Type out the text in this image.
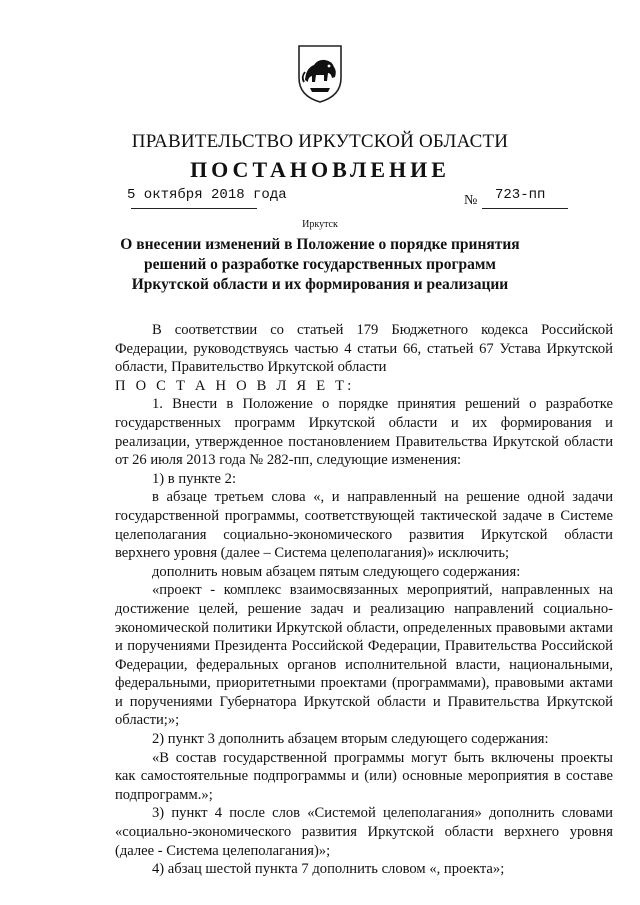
ПРАВИТЕЛЬСТВО ИРКУТСКОЙ ОБЛАСТИ
ПОСТАНОВЛЕНИЕ
5 октября 2018 года	№ 723-пп
Иркутск
О внесении изменений в Положение о порядке принятия решений о разработке государственных программ Иркутской области и их формирования и реализации

В соответствии со статьей 179 Бюджетного кодекса Российской Федерации, руководствуясь частью 4 статьи 66, статьей 67 Устава Иркутской области, Правительство Иркутской области

П О С Т А Н О В Л Я Е Т:

1. Внести в Положение о порядке принятия решений о разработке государственных программ Иркутской области и их формирования и реализации, утвержденное постановлением Правительства Иркутской области от 26 июля 2013 года № 282-пп, следующие изменения:

1) в пункте 2:

в абзаце третьем слова «, и направленный на решение одной задачи государственной программы, соответствующей тактической задаче в Системе целеполагания социально-экономического развития Иркутской области верхнего уровня (далее – Система целеполагания)» исключить;

дополнить новым абзацем пятым следующего содержания:

«проект - комплекс взаимосвязанных мероприятий, направленных на достижение целей, решение задач и реализацию направлений социально-экономической политики Иркутской области, определенных правовыми актами и поручениями Президента Российской Федерации, Правительства Российской Федерации, федеральных органов исполнительной власти, национальными, федеральными, приоритетными проектами (программами), правовыми актами и поручениями Губернатора Иркутской области и Правительства Иркутской области;»;

2) пункт 3 дополнить абзацем вторым следующего содержания:

«В состав государственной программы могут быть включены проекты как самостоятельные подпрограммы и (или) основные мероприятия в составе подпрограмм.»;

3) пункт 4 после слов «Системой целеполагания» дополнить словами «социально-экономического развития Иркутской области верхнего уровня (далее - Система целеполагания)»;

4) абзац шестой пункта 7 дополнить словом «, проекта»;
